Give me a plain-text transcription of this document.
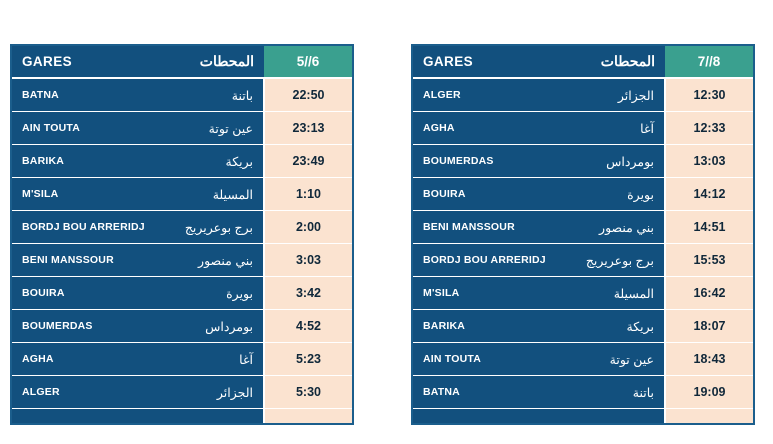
GARES	المحطات	5//6
BATNA	باتنة	22:50
AIN TOUTA	عين توتة	23:13
BARIKA	بريكة	23:49
M'SILA	المسيلة	1:10
BORDJ BOU ARRERIDJ	برج بوعريريج	2:00
BENI MANSSOUR	بني منصور	3:03
BOUIRA	بويرة	3:42
BOUMERDAS	بومرداس	4:52
AGHA	آغا	5:23
ALGER	الجزائر	5:30

GARES	المحطات	7//8
ALGER	الجزائر	12:30
AGHA	آغا	12:33
BOUMERDAS	بومرداس	13:03
BOUIRA	بويرة	14:12
BENI MANSSOUR	بني منصور	14:51
BORDJ BOU ARRERIDJ	برج بوعريريج	15:53
M'SILA	المسيلة	16:42
BARIKA	بريكة	18:07
AIN TOUTA	عين توتة	18:43
BATNA	باتنة	19:09
